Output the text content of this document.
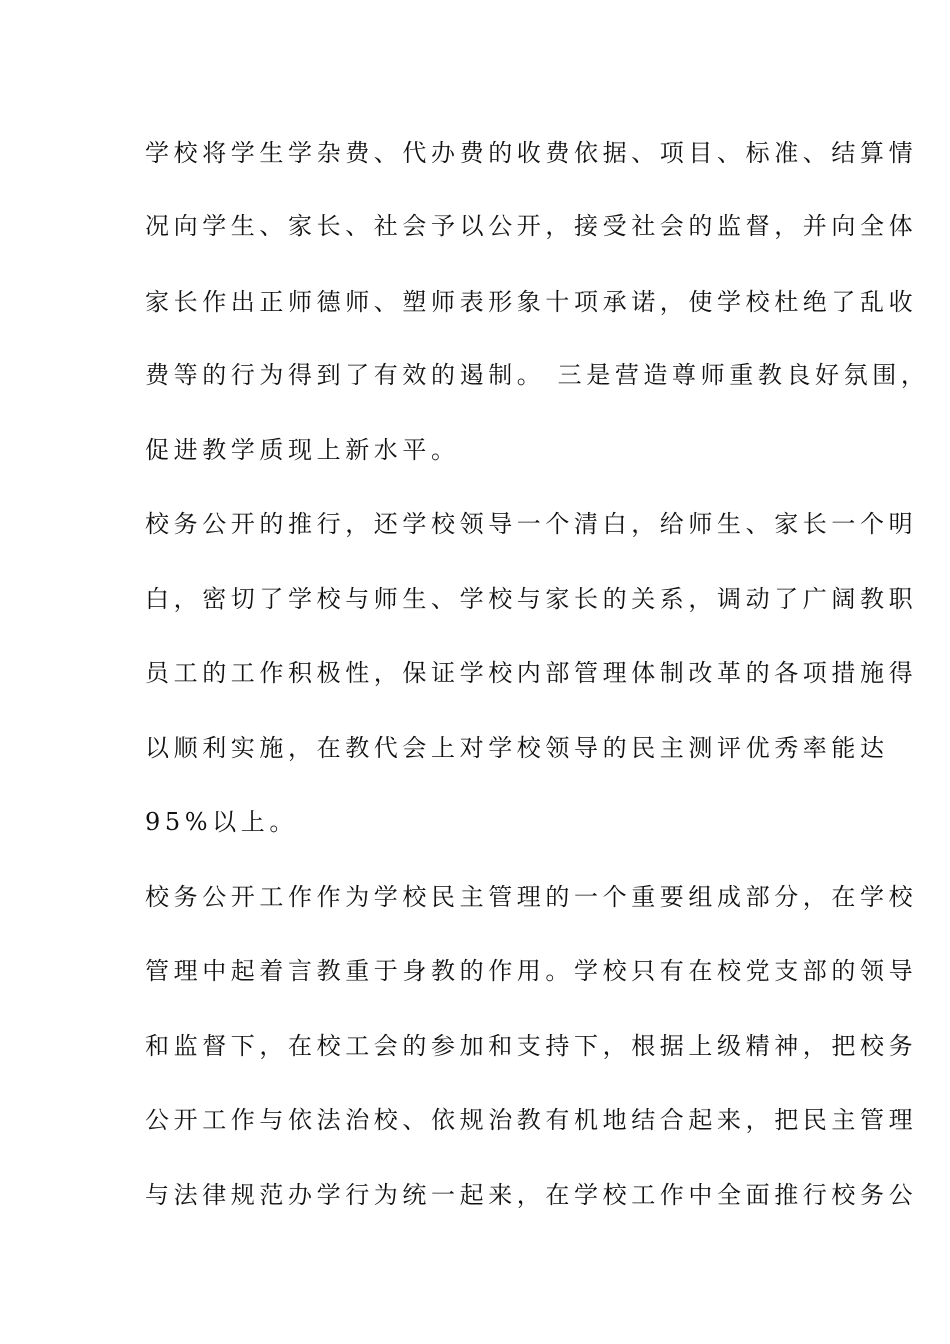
学校将学生学杂费、代办费的收费依据、项目、标准、结算情
况向学生、家长、社会予以公开，接受社会的监督，并向全体
家长作出正师德师、塑师表形象十项承诺，使学校杜绝了乱收
费等的行为得到了有效的遏制。 三是营造尊师重教良好氛围，
促进教学质现上新水平。
校务公开的推行，还学校领导一个清白，给师生、家长一个明
白，密切了学校与师生、学校与家长的关系，调动了广阔教职
员工的工作积极性，保证学校内部管理体制改革的各项措施得
以顺利实施，在教代会上对学校领导的民主测评优秀率能达
95%以上。
校务公开工作作为学校民主管理的一个重要组成部分，在学校
管理中起着言教重于身教的作用。学校只有在校党支部的领导
和监督下，在校工会的参加和支持下，根据上级精神，把校务
公开工作与依法治校、依规治教有机地结合起来，把民主管理
与法律规范办学行为统一起来，在学校工作中全面推行校务公
